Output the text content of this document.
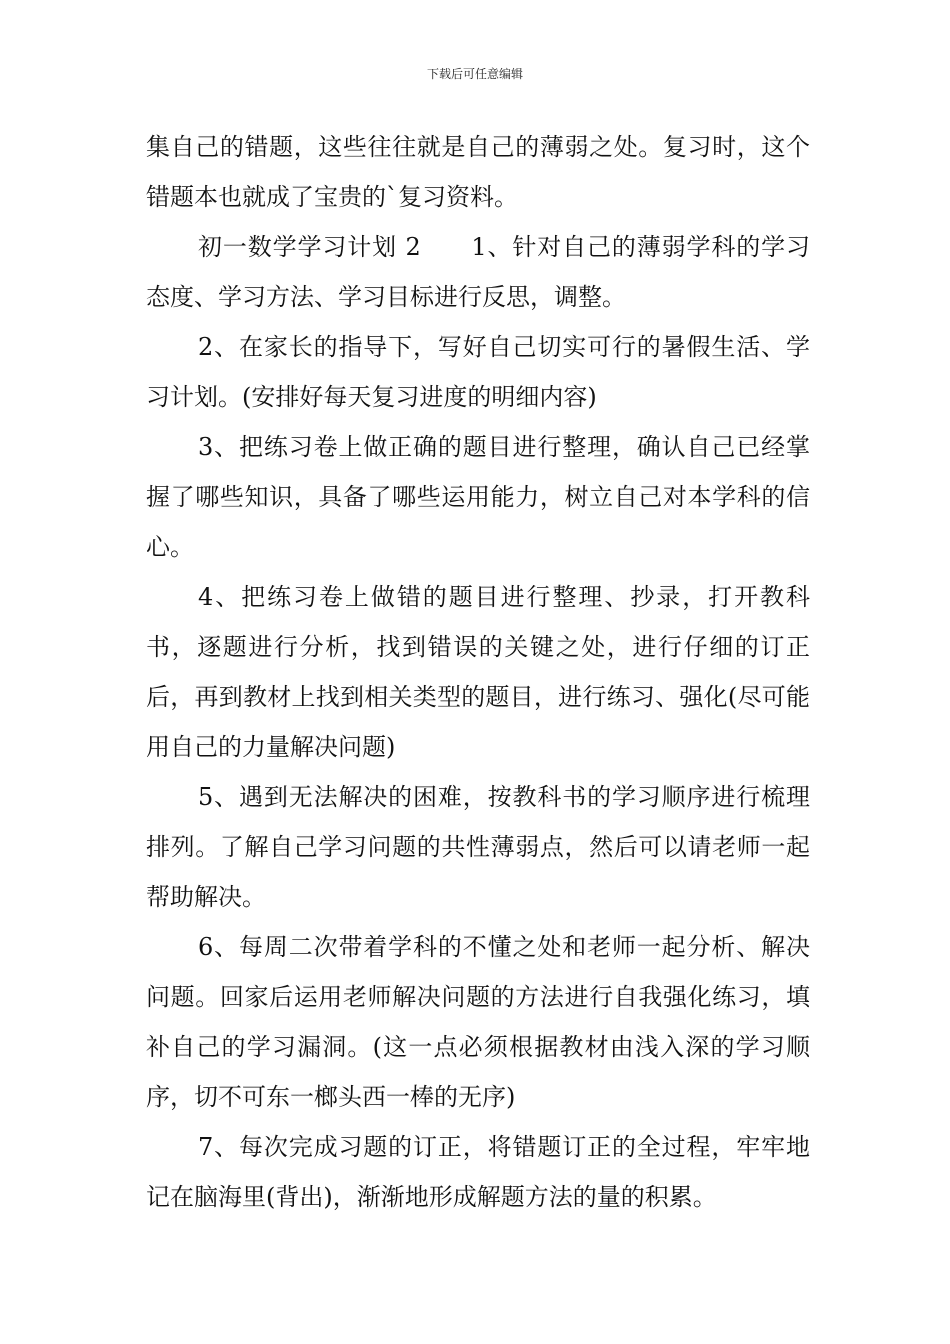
下载后可任意编辑

集自己的错题，这些往往就是自己的薄弱之处。复习时，这个错题本也就成了宝贵的`复习资料。

初一数学学习计划 2　　1、针对自己的薄弱学科的学习态度、学习方法、学习目标进行反思，调整。

2、在家长的指导下，写好自己切实可行的暑假生活、学习计划。(安排好每天复习进度的明细内容)

3、把练习卷上做正确的题目进行整理，确认自己已经掌握了哪些知识，具备了哪些运用能力，树立自己对本学科的信心。

4、把练习卷上做错的题目进行整理、抄录，打开教科书，逐题进行分析，找到错误的关键之处，进行仔细的订正后，再到教材上找到相关类型的题目，进行练习、强化(尽可能用自己的力量解决问题)

5、遇到无法解决的困难，按教科书的学习顺序进行梳理排列。了解自己学习问题的共性薄弱点，然后可以请老师一起帮助解决。

6、每周二次带着学科的不懂之处和老师一起分析、解决问题。回家后运用老师解决问题的方法进行自我强化练习，填补自己的学习漏洞。(这一点必须根据教材由浅入深的学习顺序，切不可东一榔头西一棒的无序)

7、每次完成习题的订正，将错题订正的全过程，牢牢地记在脑海里(背出)，渐渐地形成解题方法的量的积累。
